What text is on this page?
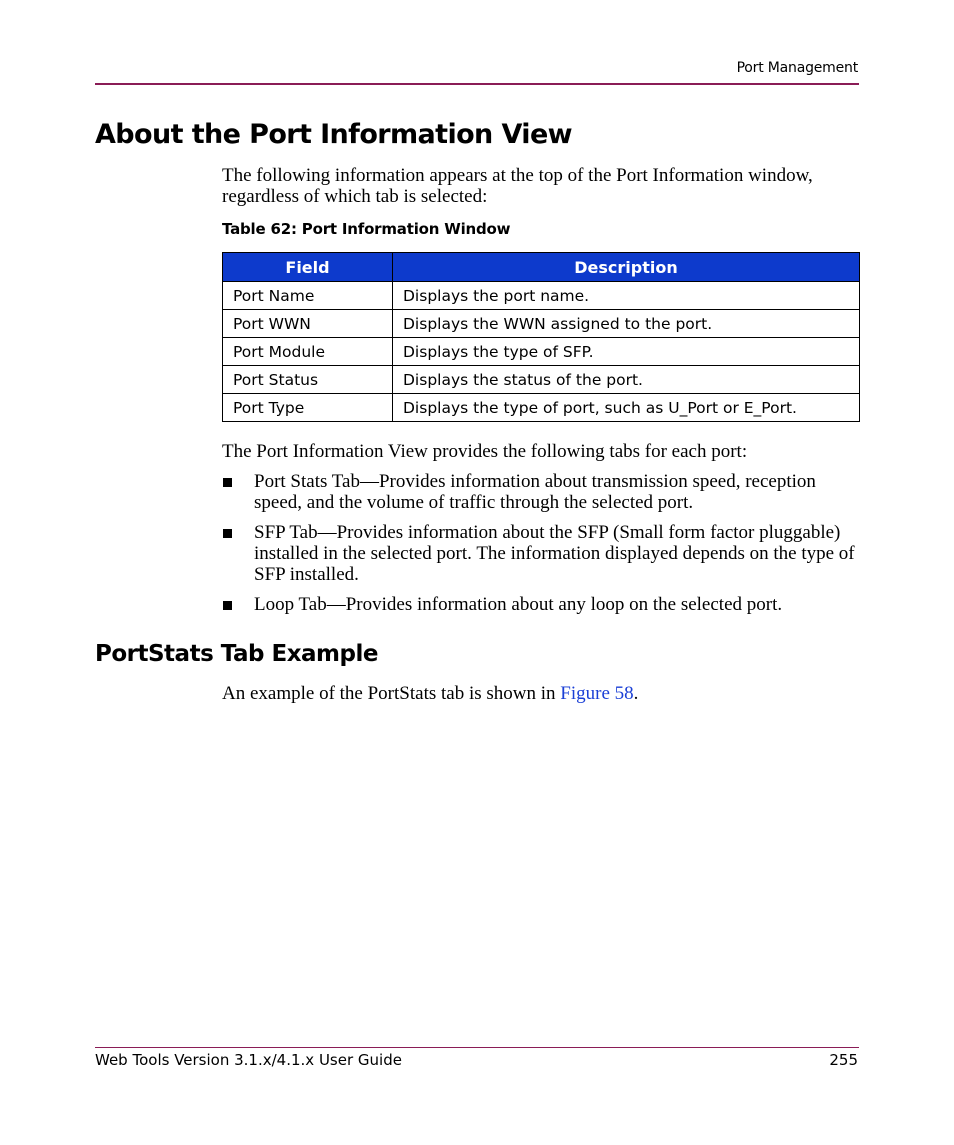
Port Management
About the Port Information View

The following information appears at the top of the Port Information window, regardless of which tab is selected:

Table 62: Port Information Window
Field	Description
Port Name	Displays the port name.
Port WWN	Displays the WWN assigned to the port.
Port Module	Displays the type of SFP.
Port Status	Displays the status of the port.
Port Type	Displays the type of port, such as U_Port or E_Port.

The Port Information View provides the following tabs for each port:

Port Stats Tab—Provides information about transmission speed, reception speed, and the volume of traffic through the selected port.
SFP Tab—Provides information about the SFP (Small form factor pluggable) installed in the selected port. The information displayed depends on the type of SFP installed.
Loop Tab—Provides information about any loop on the selected port.
PortStats Tab Example

An example of the PortStats tab is shown in Figure 58.

Web Tools Version 3.1.x/4.1.x User Guide	255
